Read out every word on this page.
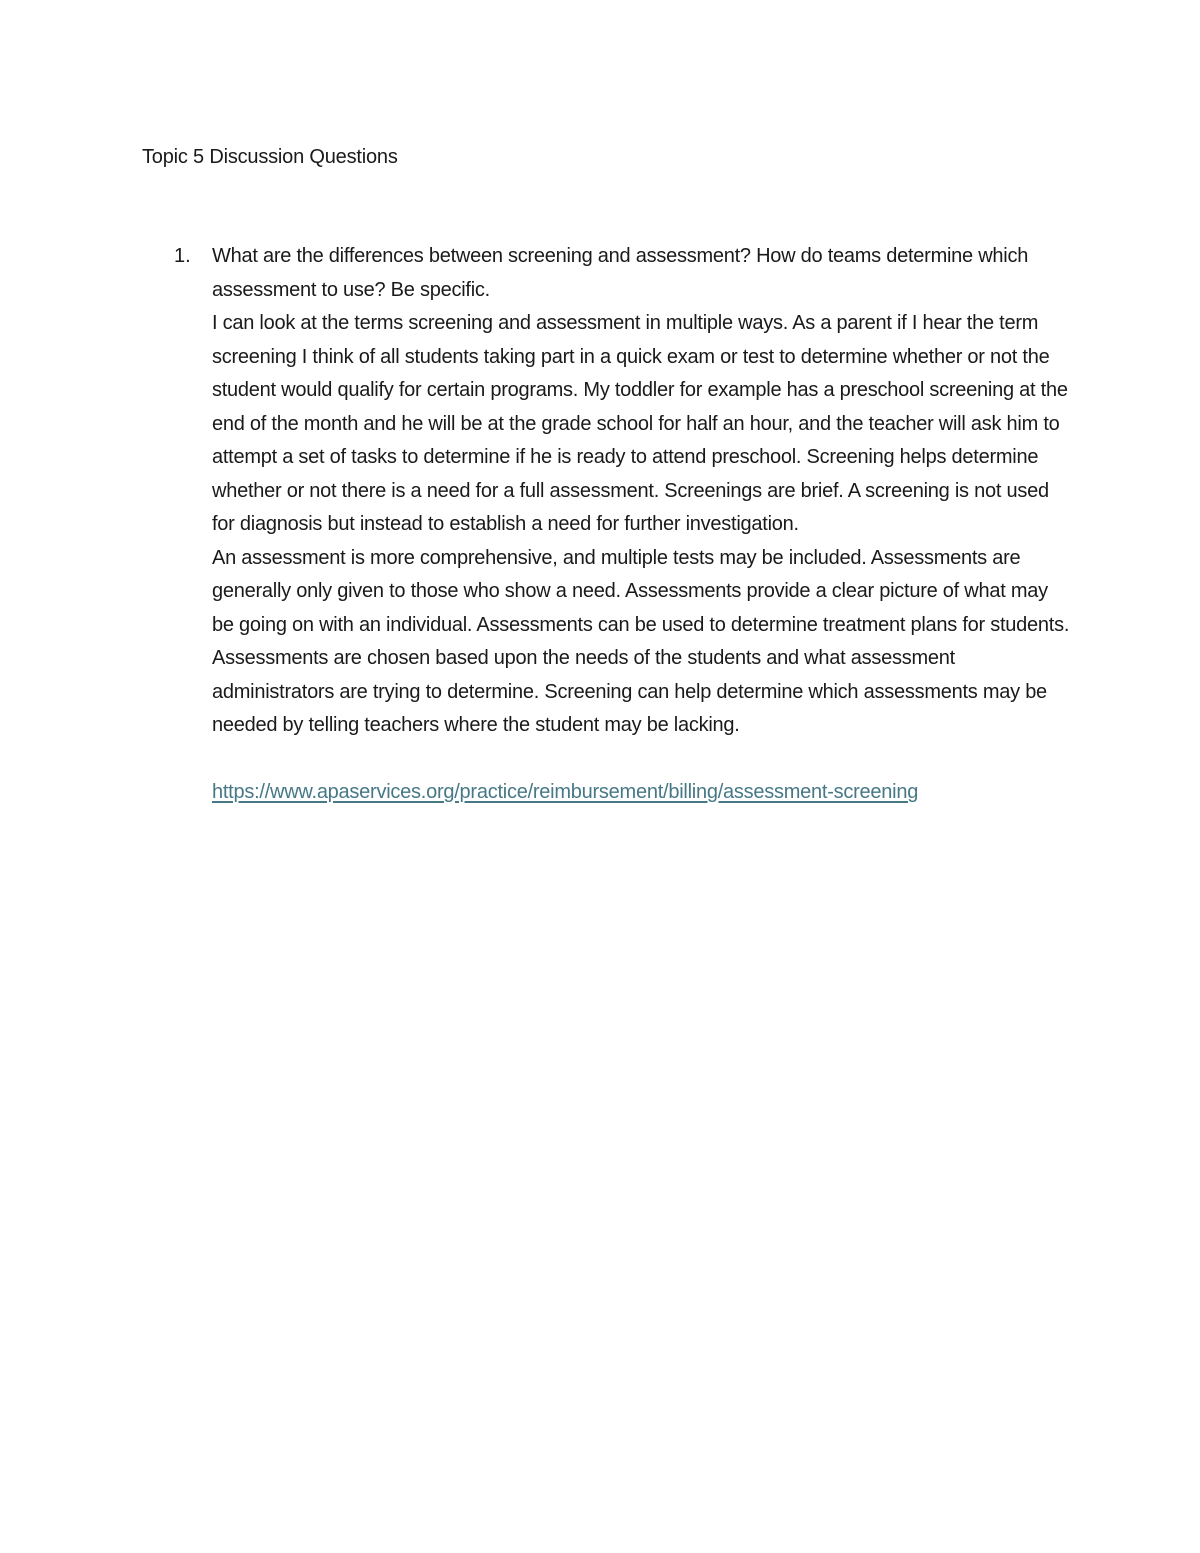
Topic 5 Discussion Questions
1. What are the differences between screening and assessment? How do teams determine which assessment to use? Be specific.

I can look at the terms screening and assessment in multiple ways. As a parent if I hear the term screening I think of all students taking part in a quick exam or test to determine whether or not the student would qualify for certain programs. My toddler for example has a preschool screening at the end of the month and he will be at the grade school for half an hour, and the teacher will ask him to attempt a set of tasks to determine if he is ready to attend preschool. Screening helps determine whether or not there is a need for a full assessment. Screenings are brief. A screening is not used for diagnosis but instead to establish a need for further investigation.

An assessment is more comprehensive, and multiple tests may be included. Assessments are generally only given to those who show a need. Assessments provide a clear picture of what may be going on with an individual. Assessments can be used to determine treatment plans for students.

Assessments are chosen based upon the needs of the students and what assessment administrators are trying to determine. Screening can help determine which assessments may be needed by telling teachers where the student may be lacking.

https://www.apaservices.org/practice/reimbursement/billing/assessment-screening
